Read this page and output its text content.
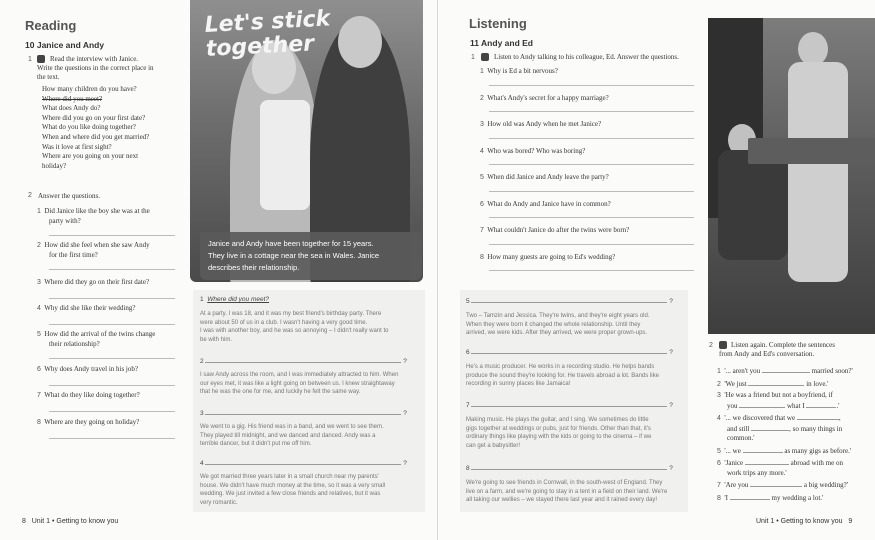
Reading
10 Janice and Andy
1	Read the interview with Janice.
Write the questions in the correct place in
the text.
How many children do you have?
Where did you meet?
What does Andy do?
Where did you go on your first date?
What do you like doing together?
When and where did you get married?
Was it love at first sight?
Where are you going on your next
holiday?
2 Answer the questions.
1 Did Janice like the boy she was at the
party with?
2 How did she feel when she saw Andy
for the first time?
3 Where did they go on their first date?
4 Why did she like their wedding?
5 How did the arrival of the twins change
their relationship?
6 Why does Andy travel in his job?
7 What do they like doing together?
8 Where are they going on holiday?
Let's stick
together
Janice and Andy have been together for 15 years.
They live in a cottage near the sea in Wales. Janice
describes their relationship.
1 Where did you meet?
At a party. I was 18, and it was my best friend's birthday party. There
were about 50 of us in a club. I wasn't having a very good time.
I was with another boy, and he was so annoying – I didn't really want to
be with him.
2	?
I saw Andy across the room, and I was immediately attracted to him. When
our eyes met, it was like a light going on between us. I knew straightaway
that he was the one for me, and luckily he felt the same way.
3	?
We went to a gig. His friend was in a band, and we went to see them.
They played till midnight, and we danced and danced. Andy was a
terrible dancer, but it didn't put me off him.
4	?
We got married three years later in a small church near my parents'
house. We didn't have much money at the time, so it was a very small
wedding. We just invited a few close friends and relatives, but it was
very romantic.
8 Unit 1 • Getting to know you
Listening
11 Andy and Ed
1	Listen to Andy talking to his colleague, Ed. Answer the questions.
1 Why is Ed a bit nervous?
2 What's Andy's secret for a happy marriage?
3 How old was Andy when he met Janice?
4 Who was bored? Who was boring?
5 When did Janice and Andy leave the party?
6 What do Andy and Janice have in common?
7 What couldn't Janice do after the twins were born?
8 How many guests are going to Ed's wedding?
5	?
Two – Tamzin and Jessica. They're twins, and they're eight years old.
When they were born it changed the whole relationship. Until they
arrived, we were kids. After they arrived, we were proper grown-ups.
6	?
He's a music producer. He works in a recording studio. He helps bands
produce the sound they're looking for. He travels abroad a lot. Bands like
recording in sunny places like Jamaica!
7	?
Making music. He plays the guitar, and I sing. We sometimes do little
gigs together at weddings or pubs, just for friends. Other than that, it's
ordinary things like playing with the kids or going to the cinema – if we
can get a babysitter!
8	?
We're going to see friends in Cornwall, in the south-west of England. They
live on a farm, and we're going to stay in a tent in a field on their land. We're
all taking our wellies – we stayed there last year and it rained every day!
2	Listen again. Complete the sentences
from Andy and Ed's conversation.
1 '... aren't you	married soon?'
2 'We just	in love.'
3 'He was a friend but not a boyfriend, if
you	what I	.'
4 '... we discovered that we	,
and still	, so many things in
common.'
5 '... we	as many gigs as before.'
6 'Janice	abroad with me on
work trips any more.'
7 'Are you	a big wedding?'
8 'I	my wedding a lot.'
Unit 1 • Getting to know you 9
